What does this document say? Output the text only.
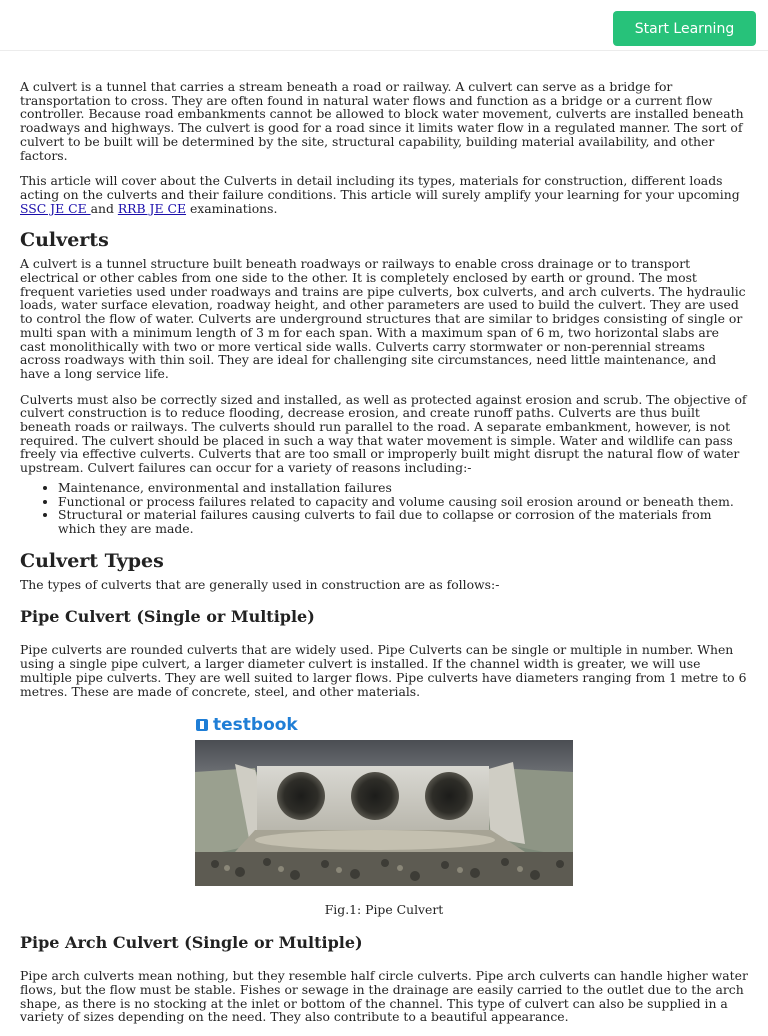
Start Learning

A culvert is a tunnel that carries a stream beneath a road or railway. A culvert can serve as a bridge for transportation to cross. They are often found in natural water flows and function as a bridge or a current flow controller. Because road embankments cannot be allowed to block water movement, culverts are installed beneath roadways and highways. The culvert is good for a road since it limits water flow in a regulated manner. The sort of culvert to be built will be determined by the site, structural capability, building material availability, and other factors.

This article will cover about the Culverts in detail including its types, materials for construction, different loads acting on the culverts and their failure conditions. This article will surely amplify your learning for your upcoming SSC JE CE and RRB JE CE examinations.

Culverts

A culvert is a tunnel structure built beneath roadways or railways to enable cross drainage or to transport electrical or other cables from one side to the other. It is completely enclosed by earth or ground. The most frequent varieties used under roadways and trains are pipe culverts, box culverts, and arch culverts. The hydraulic loads, water surface elevation, roadway height, and other parameters are used to build the culvert. They are used to control the flow of water. Culverts are underground structures that are similar to bridges consisting of single or multi span with a minimum length of 3 m for each span. With a maximum span of 6 m, two horizontal slabs are cast monolithically with two or more vertical side walls. Culverts carry stormwater or non-perennial streams across roadways with thin soil. They are ideal for challenging site circumstances, need little maintenance, and have a long service life.

Culverts must also be correctly sized and installed, as well as protected against erosion and scrub. The objective of culvert construction is to reduce flooding, decrease erosion, and create runoff paths. Culverts are thus built beneath roads or railways. The culverts should run parallel to the road. A separate embankment, however, is not required. The culvert should be placed in such a way that water movement is simple. Water and wildlife can pass freely via effective culverts. Culverts that are too small or improperly built might disrupt the natural flow of water upstream. Culvert failures can occur for a variety of reasons including:-

• Maintenance, environmental and installation failures
• Functional or process failures related to capacity and volume causing soil erosion around or beneath them.
• Structural or material failures causing culverts to fail due to collapse or corrosion of the materials from which they are made.
Culvert Types

The types of culverts that are generally used in construction are as follows:-

Pipe Culvert (Single or Multiple)

Pipe culverts are rounded culverts that are widely used. Pipe Culverts can be single or multiple in number. When using a single pipe culvert, a larger diameter culvert is installed. If the channel width is greater, we will use multiple pipe culverts. They are well suited to larger flows. Pipe culverts have diameters ranging from 1 metre to 6 metres. These are made of concrete, steel, and other materials.

testbook
Fig.1: Pipe Culvert
Pipe Arch Culvert (Single or Multiple)

Pipe arch culverts mean nothing, but they resemble half circle culverts. Pipe arch culverts can handle higher water flows, but the flow must be stable. Fishes or sewage in the drainage are easily carried to the outlet due to the arch shape, as there is no stocking at the inlet or bottom of the channel. This type of culvert can also be supplied in a variety of sizes depending on the need. They also contribute to a beautiful appearance.
